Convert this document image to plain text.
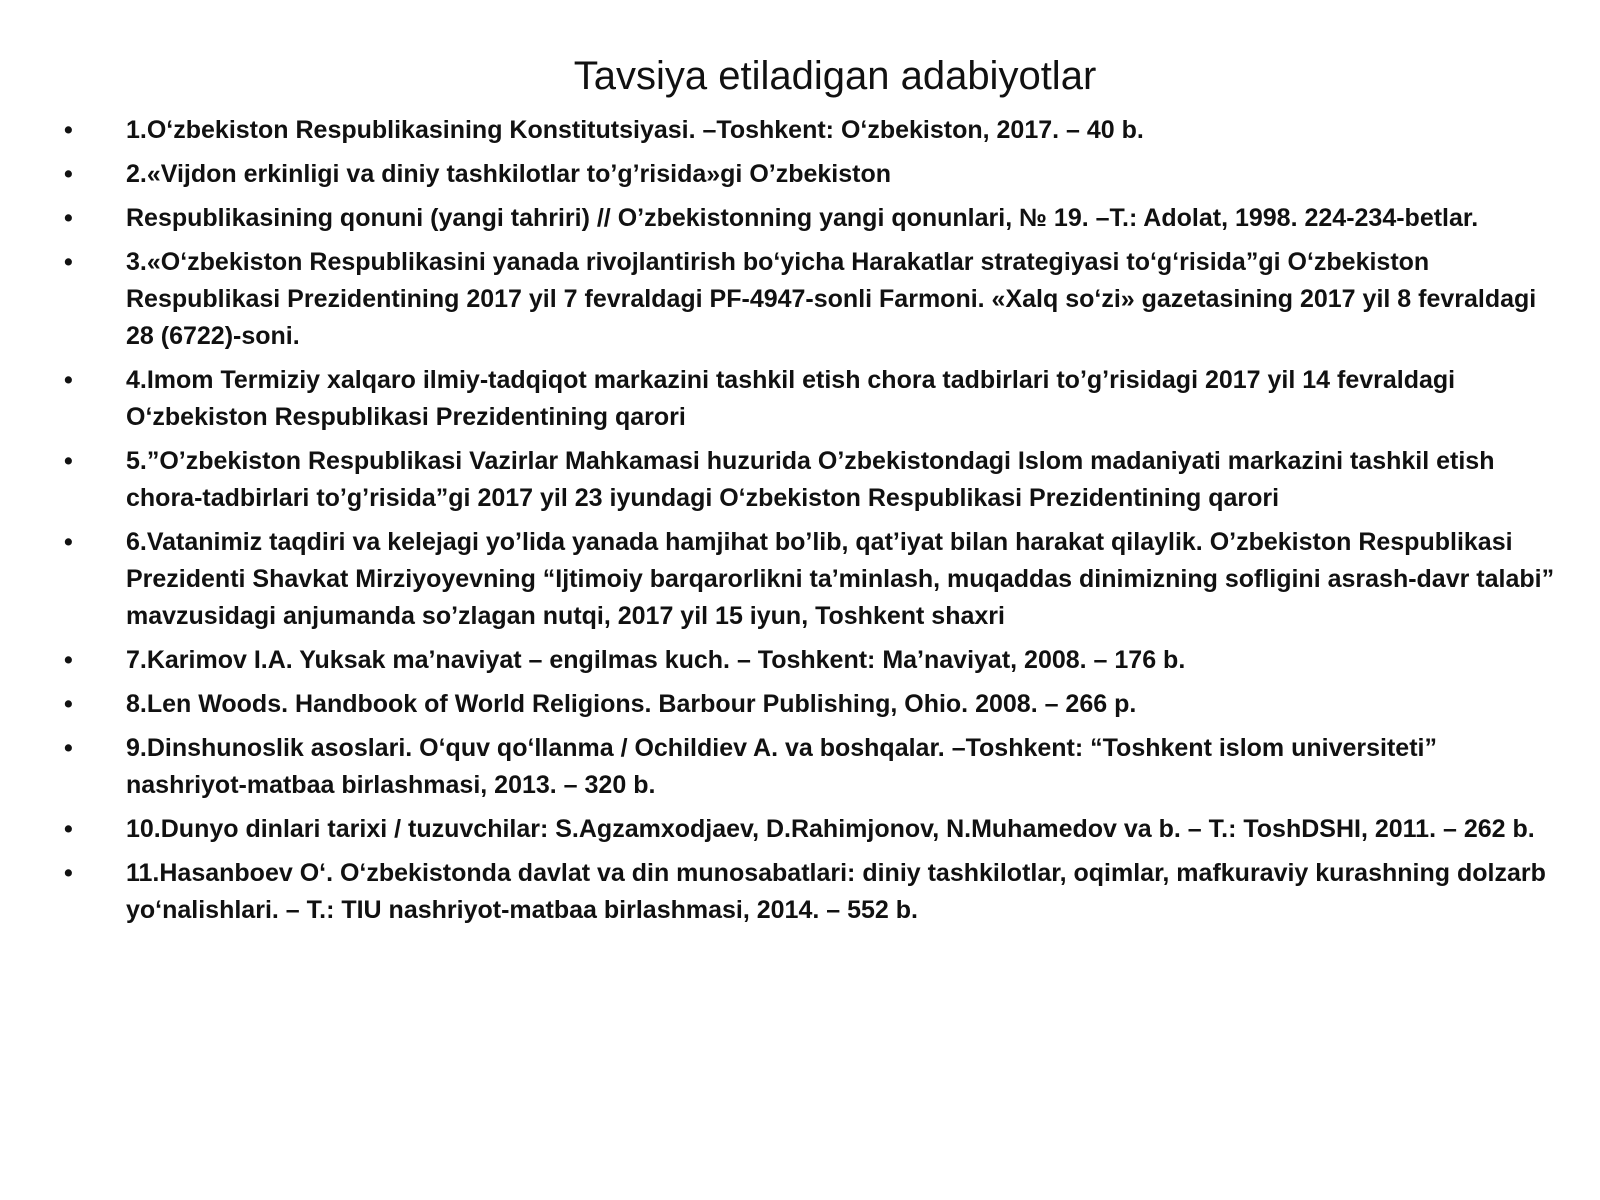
Tavsiya etiladigan adabiyotlar
• 1.O‘zbekiston Respublikasining Konstitutsiyasi. –Toshkent: O‘zbekiston, 2017. – 40 b.
• 2.«Vijdon erkinligi va diniy tashkilotlar to’g’risida»gi O’zbekiston
• Respublikasining qonuni (yangi tahriri) // O’zbekistonning yangi qonunlari, № 19. –T.: Adolat, 1998. 224-234-betlar.
• 3.«O‘zbekiston Respublikasini yanada rivojlantirish bo‘yicha Harakatlar strategiyasi to‘g‘risida”gi O‘zbekiston Respublikasi Prezidentining 2017 yil 7 fevraldagi PF-4947-sonli Farmoni. «Xalq so‘zi» gazetasining 2017 yil 8 fevraldagi 28 (6722)-soni.
• 4.Imom Termiziy xalqaro ilmiy-tadqiqot markazini tashkil etish chora tadbirlari to’g’risidagi 2017 yil 14 fevraldagi O‘zbekiston Respublikasi Prezidentining qarori
• 5.”O’zbekiston Respublikasi Vazirlar Mahkamasi huzurida O’zbekistondagi Islom madaniyati markazini tashkil etish chora-tadbirlari to’g’risida”gi 2017 yil 23 iyundagi O‘zbekiston Respublikasi Prezidentining qarori
• 6.Vatanimiz taqdiri va kelejagi yo’lida yanada hamjihat bo’lib, qat’iyat bilan harakat qilaylik. O’zbekiston Respublikasi Prezidenti Shavkat Mirziyoyevning “Ijtimoiy barqarorlikni ta’minlash, muqaddas dinimizning sofligini asrash-davr talabi” mavzusidagi anjumanda so’zlagan nutqi, 2017 yil 15 iyun, Toshkent shaxri
• 7.Karimov I.A. Yuksak ma’naviyat – engilmas kuch. – Toshkent: Ma’naviyat, 2008. – 176 b.
• 8.Len Woods. Handbook of World Religions. Barbour Publishing, Ohio. 2008. – 266 p.
• 9.Dinshunoslik asoslari. O‘quv qo‘llanma / Ochildiev A. va boshqalar. –Toshkent: “Toshkent islom universiteti” nashriyot-matbaa birlashmasi, 2013. – 320 b.
• 10.Dunyo dinlari tarixi / tuzuvchilar: S.Agzamxodjaev, D.Rahimjonov, N.Muhamedov va b. – T.: ToshDSHI, 2011. – 262 b.
• 11.Hasanboev O‘. O‘zbekistonda davlat va din munosabatlari: diniy tashkilotlar, oqimlar, mafkuraviy kurashning dolzarb yo‘nalishlari. – T.: TIU nashriyot-matbaa birlashmasi, 2014. – 552 b.
